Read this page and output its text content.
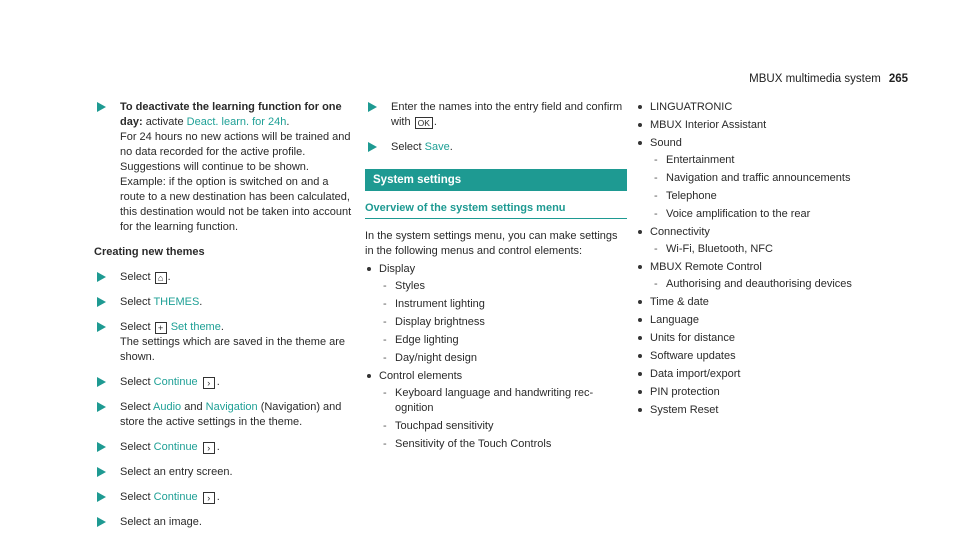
MBUX multimedia system 265
To deactivate the learning function for one day: activate Deact. learn. for 24h.
For 24 hours no new actions will be trained and no data recorded for the active profile. Suggestions will continue to be shown.
Example: if the option is switched on and a route to a new destination has been calculated, this destination would not be taken into account for the learning function.
Creating new themes
Select ⌂ .
Select THEMES.
Select + Set theme.
The settings which are saved in the theme are shown.
Select Continue › .
Select Audio and Navigation (Navigation) and store the active settings in the theme.
Select Continue › .
Select an entry screen.
Select Continue › .
Select an image.
Enter the names into the entry field and confirm with OK .
Select Save.
System settings
Overview of the system settings menu
In the system settings menu, you can make settings in the following menus and control elements:
Display
- Styles
- Instrument lighting
- Display brightness
- Edge lighting
- Day/night design
Control elements
- Keyboard language and handwriting recognition
- Touchpad sensitivity
- Sensitivity of the Touch Controls
LINGUATRONIC
MBUX Interior Assistant
Sound
- Entertainment
- Navigation and traffic announcements
- Telephone
- Voice amplification to the rear
Connectivity
- Wi-Fi, Bluetooth, NFC
MBUX Remote Control
- Authorising and deauthorising devices
Time & date
Language
Units for distance
Software updates
Data import/export
PIN protection
System Reset
